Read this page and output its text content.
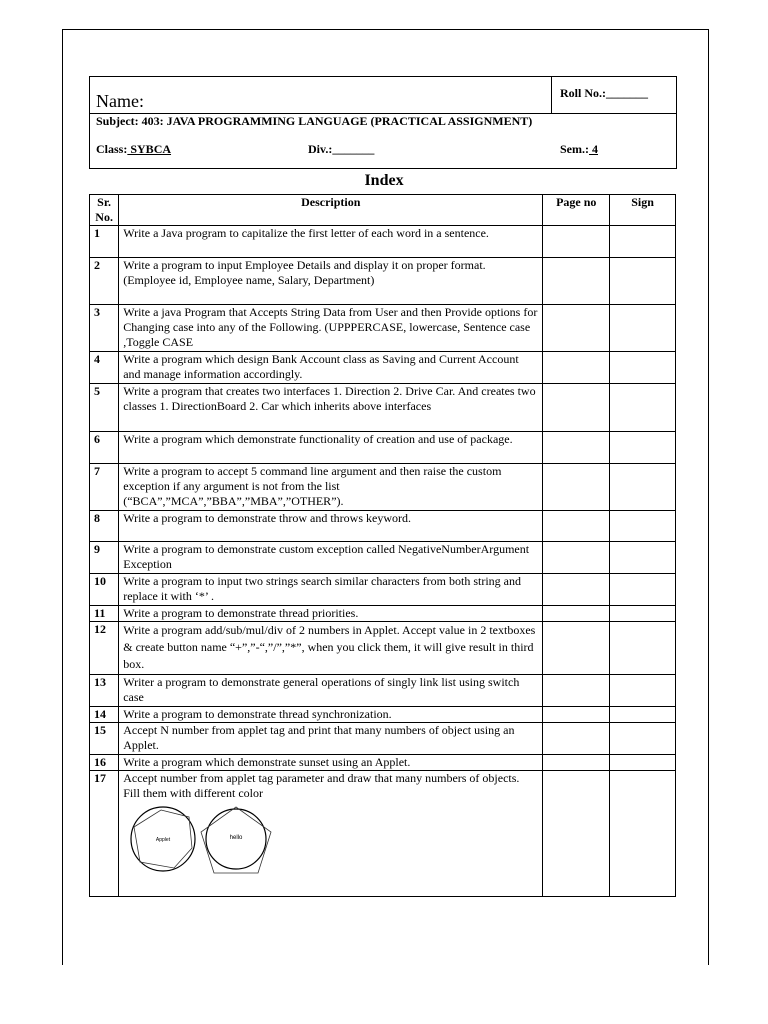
Name:	Roll No.:_______
Subject: 403: JAVA PROGRAMMING LANGUAGE (PRACTICAL ASSIGNMENT)
Class: SYBCA	Div.:_______	Sem.: 4
Index
Sr. No.	Description	Page no	Sign
1	Write a Java program to capitalize the first letter of each word in a sentence.		
2	Write a program to input Employee Details and display it on proper format. (Employee id, Employee name, Salary, Department)		
3	Write a java Program that Accepts String Data from User and then Provide options for Changing case into any of the Following. (UPPPERCASE, lowercase, Sentence case ,Toggle CASE		
4	Write a program which design Bank Account class as Saving and Current Account and manage information accordingly.		
5	Write a program that creates two interfaces 1. Direction 2. Drive Car. And creates two classes 1. DirectionBoard 2. Car which inherits above interfaces		
6	Write a program which demonstrate functionality of creation and use of package.		
7	Write a program to accept 5 command line argument and then raise the custom exception if any argument is not from the list (“BCA”,”MCA”,”BBA”,”MBA”,”OTHER”).		
8	Write a program to demonstrate throw and throws keyword.		
9	Write a program to demonstrate custom exception called NegativeNumberArgument Exception		
10	Write a program to input two strings search similar characters from both string and replace it with ‘*’ .		
11	Write a program to demonstrate thread priorities.		
12	Write a program add/sub/mul/div of 2 numbers in Applet. Accept value in 2 textboxes & create button name “+”,”-“,”/”,”*”, when you click them, it will give result in third box.		
13	Writer a program to demonstrate general operations of singly link list using switch case		
14	Write a program to demonstrate thread synchronization.		
15	Accept N number from applet tag and print that many numbers of object using an Applet.		
16	Write a program which demonstrate sunset using an Applet.		
17	Accept number from applet tag parameter and draw that many numbers of objects. Fill them with different color
Applet hello		
